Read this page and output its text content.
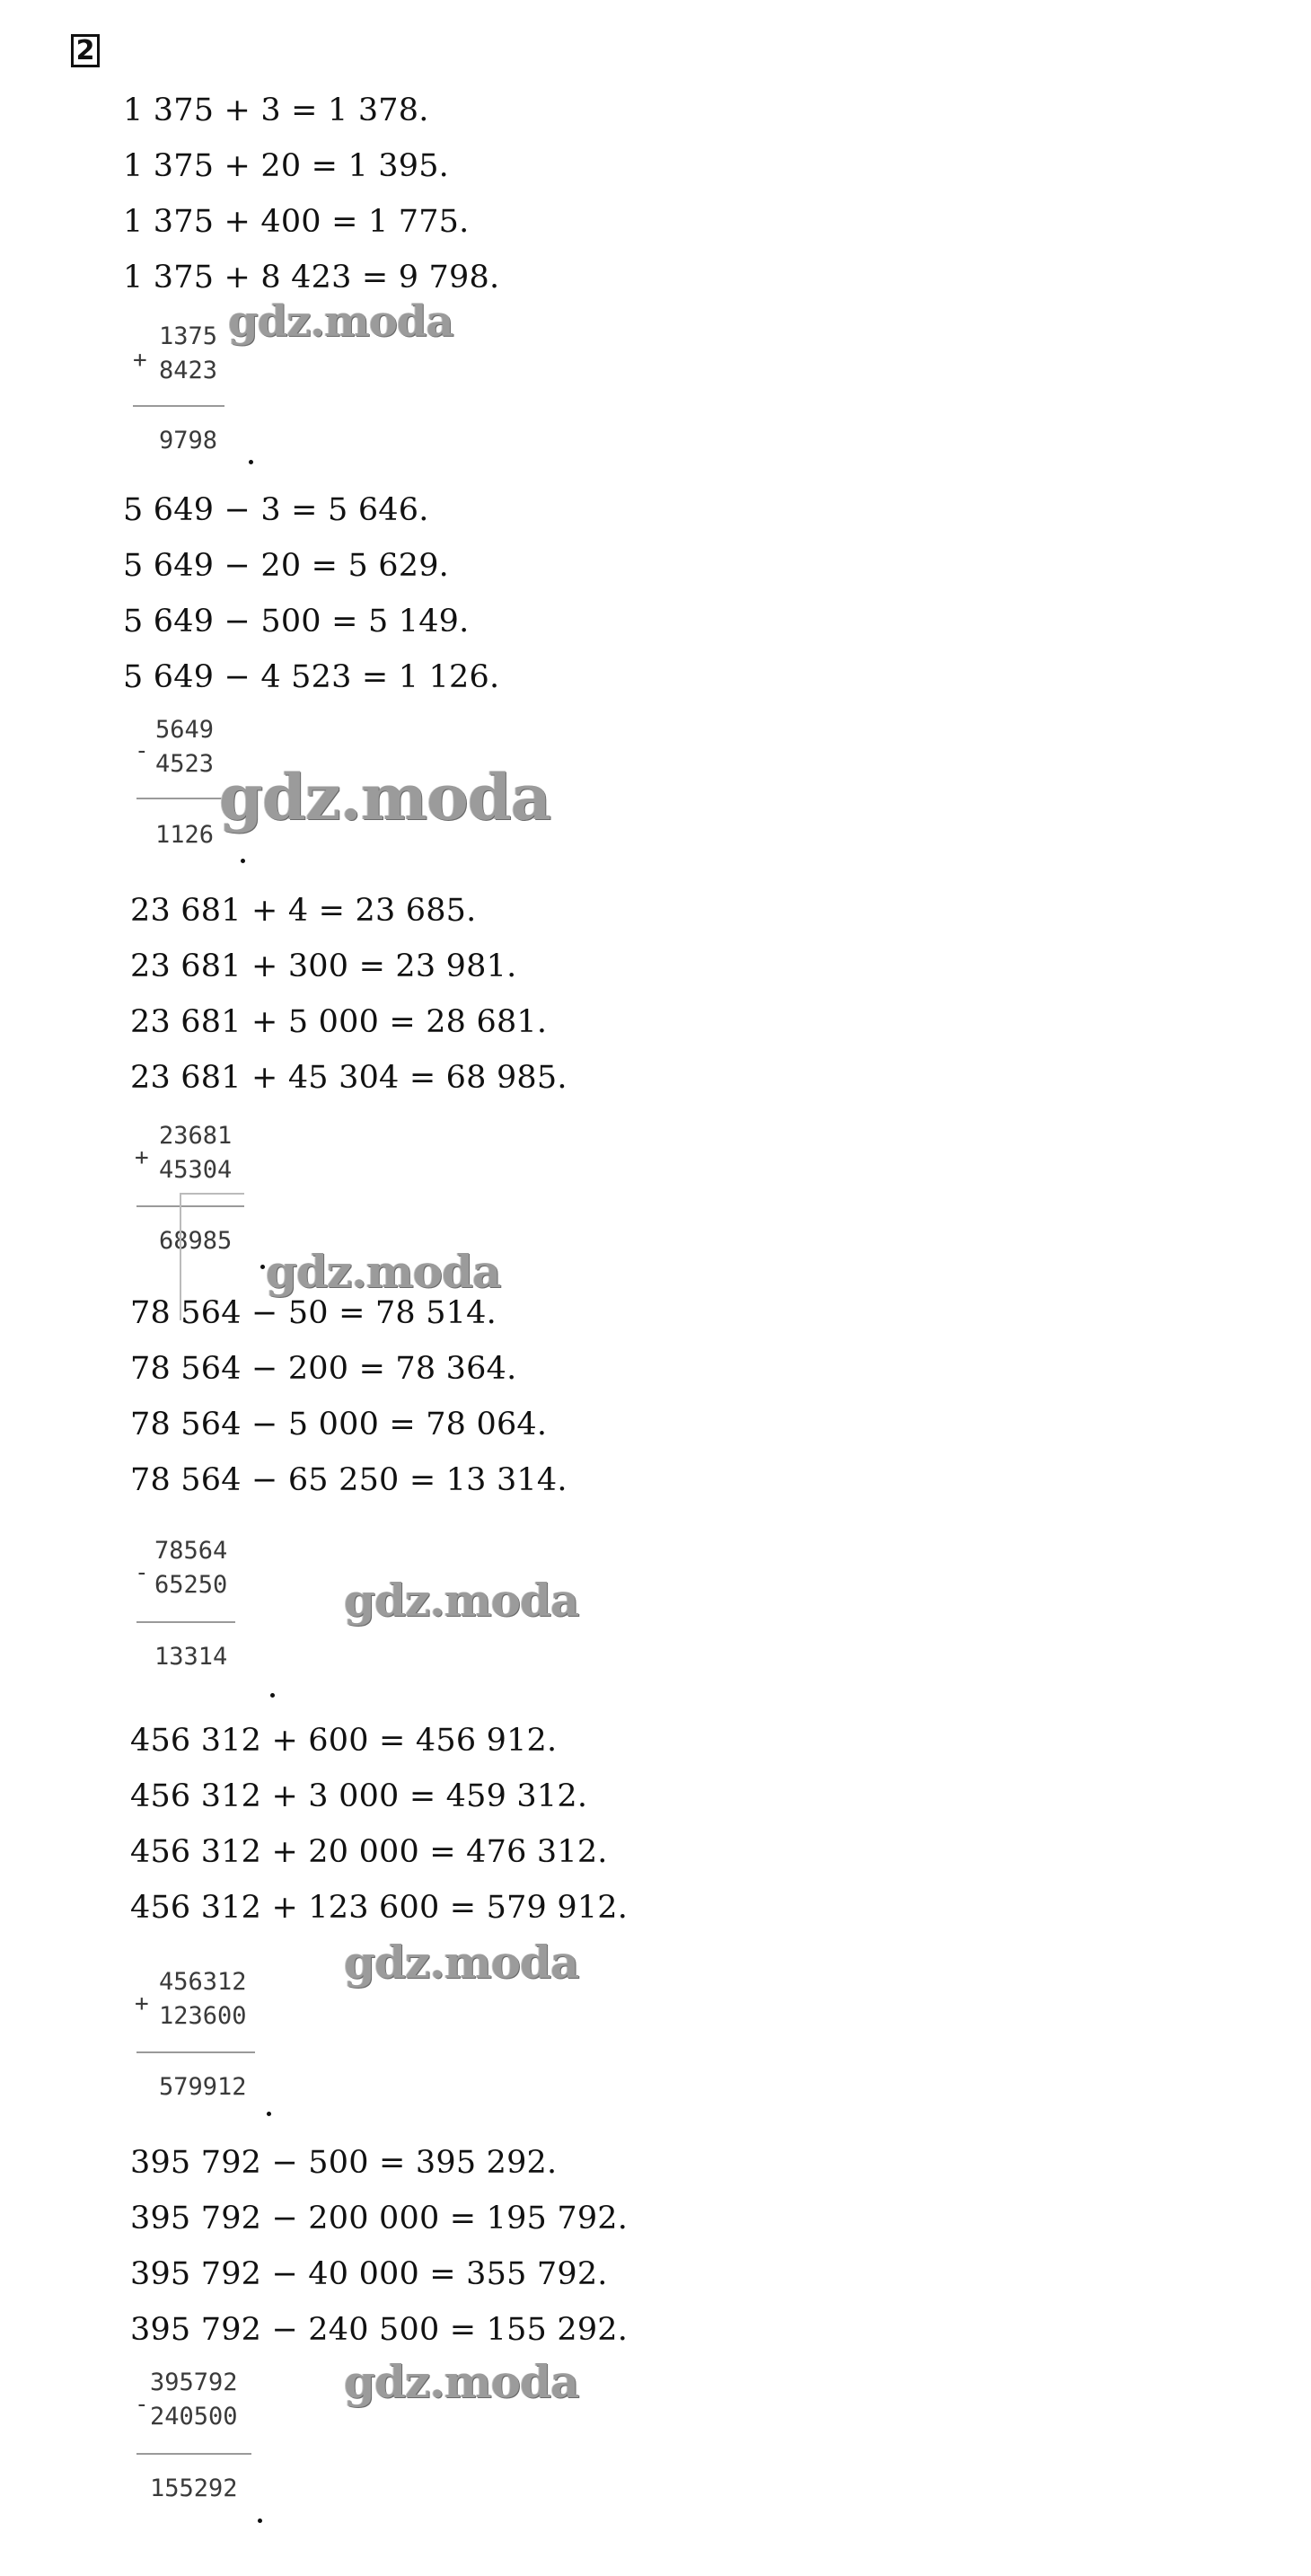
2
1 375 + 3 = 1 378.
1 375 + 20 = 1 395.
1 375 + 400 = 1 775.
1 375 + 8 423 = 9 798.
+
1375
8423
9798
5 649 − 3 = 5 646.
5 649 − 20 = 5 629.
5 649 − 500 = 5 149.
5 649 − 4 523 = 1 126.
-
5649
4523
1126
23 681 + 4 = 23 685.
23 681 + 300 = 23 981.
23 681 + 5 000 = 28 681.
23 681 + 45 304 = 68 985.
+
23681
45304
68985
78 564 − 50 = 78 514.
78 564 − 200 = 78 364.
78 564 − 5 000 = 78 064.
78 564 − 65 250 = 13 314.
-
78564
65250
13314
456 312 + 600 = 456 912.
456 312 + 3 000 = 459 312.
456 312 + 20 000 = 476 312.
456 312 + 123 600 = 579 912.
+
456312
123600
579912
395 792 − 500 = 395 292.
395 792 − 200 000 = 195 792.
395 792 − 40 000 = 355 792.
395 792 − 240 500 = 155 292.
-
395792
240500
155292
gdz.moda
gdz.moda
gdz.moda
gdz.moda
gdz.moda
gdz.moda
